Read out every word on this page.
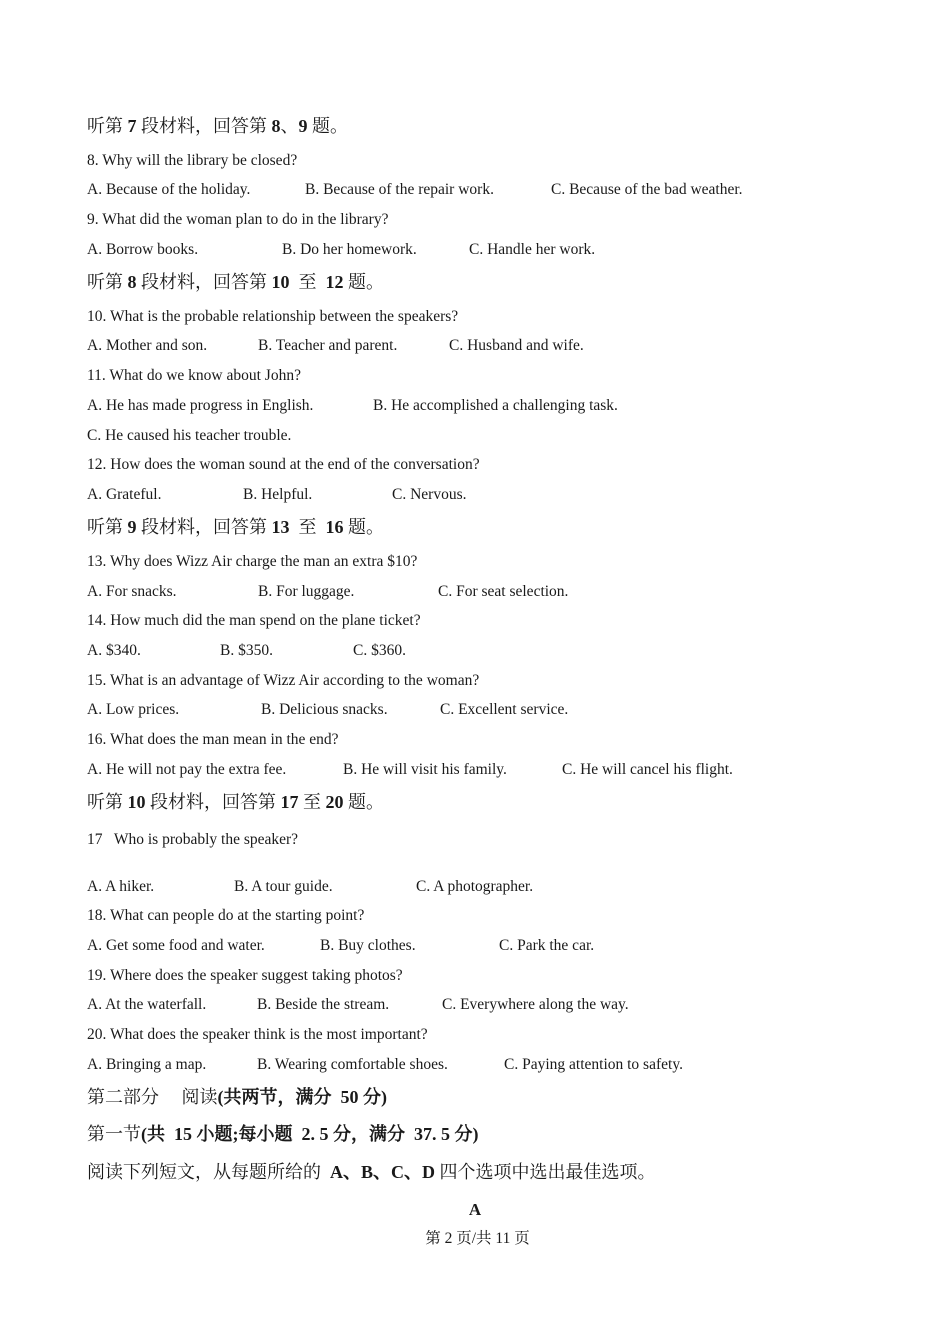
听第 7 段材料，回答第 8、9 题。
8. Why will the library be closed?
A. Because of the holiday.	B. Because of the repair work.	C. Because of the bad weather.
9. What did the woman plan to do in the library?
A. Borrow books.	B. Do her homework.	C. Handle her work.
听第 8 段材料，回答第 10  至  12 题。
10. What is the probable relationship between the speakers?
A. Mother and son.	B. Teacher and parent.	C. Husband and wife.
11. What do we know about John?
A. He has made progress in English.	B. He accomplished a challenging task.
C. He caused his teacher trouble.
12. How does the woman sound at the end of the conversation?
A. Grateful.	B. Helpful.	C. Nervous.
听第 9 段材料，回答第 13  至  16 题。
13. Why does Wizz Air charge the man an extra $10?
A. For snacks.	B. For luggage.	C. For seat selection.
14. How much did the man spend on the plane ticket?
A. $340.	B. $350.	C. $360.
15. What is an advantage of Wizz Air according to the woman?
A. Low prices.	B. Delicious snacks.	C. Excellent service.
16. What does the man mean in the end?
A. He will not pay the extra fee.	B. He will visit his family.	C. He will cancel his flight.
听第 10 段材料，回答第 17 至 20 题。
17   Who is probably the speaker?
A. A hiker.	B. A tour guide.	C. A photographer.
18. What can people do at the starting point?
A. Get some food and water.	B. Buy clothes.	C. Park the car.
19. Where does the speaker suggest taking photos?
A. At the waterfall.	B. Beside the stream.	C. Everywhere along the way.
20. What does the speaker think is the most important?
A. Bringing a map.	B. Wearing comfortable shoes.	C. Paying attention to safety.
第二部分     阅读(共两节，满分  50 分)
第一节(共  15 小题;每小题  2. 5 分，满分  37. 5 分)
阅读下列短文，从每题所给的  A、B、C、D 四个选项中选出最佳选项。
A
第 2 页/共 11 页
